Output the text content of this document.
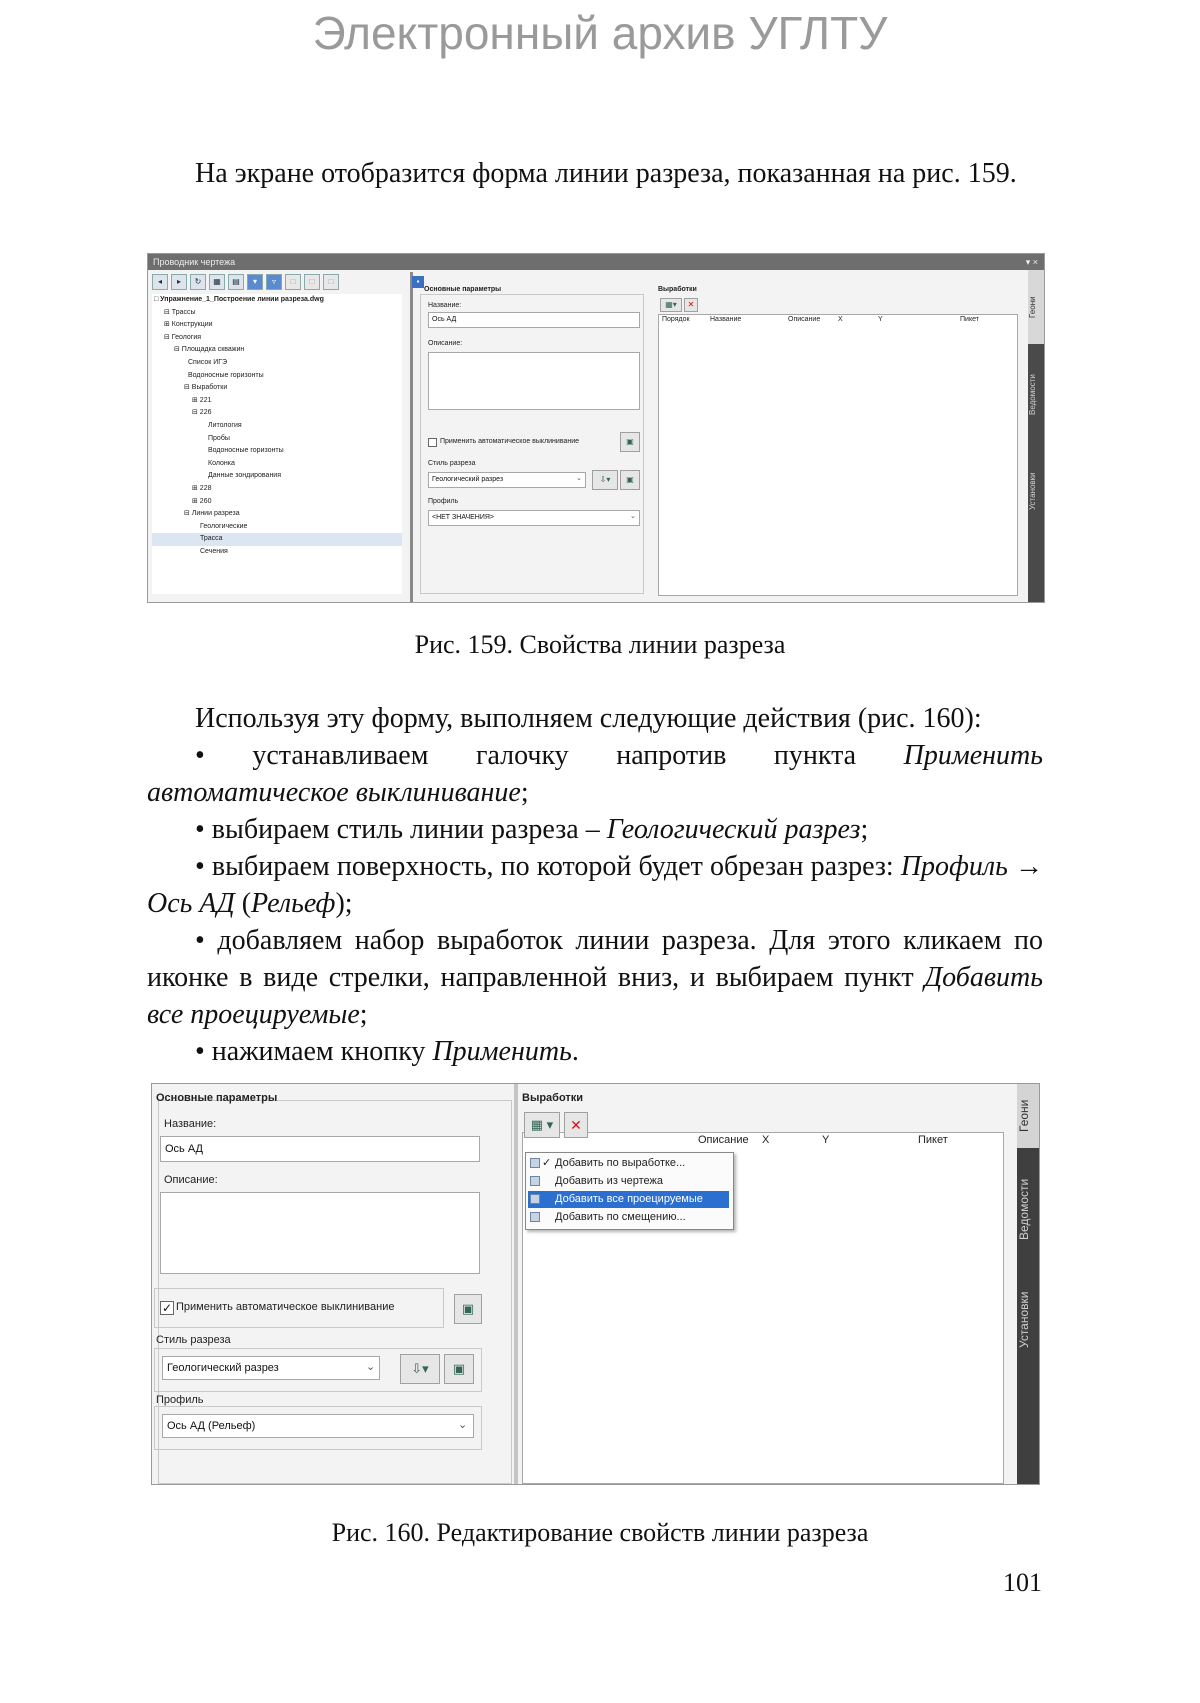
Электронный архив УГЛТУ
На экране отобразится форма линии разреза, показанная на рис. 159.
Проводник чертежа	▾ ×
◂	▸	↻	▦	▤	▾	▿	□	□	□
□ Упражнение_1_Построение линии разреза.dwg
⊟ Трассы
⊞ Конструкции
⊟ Геология
⊟ Площадка скважин
Список ИГЭ
Водоносные горизонты
⊟ Выработки
⊞ 221
⊟ 226
Литология
Пробы
Водоносные горизонты
Колонка
Данные зондирования
⊞ 228
⊞ 260
⊟ Линии разреза
Геологические
Трасса
Сечения
▪
Основные параметры
Название:
Ось АД
Описание:
Применить автоматическое выклинивание	▣
Стиль разреза
Геологический разрез	⌄	⇩▾	▣
Профиль
<НЕТ ЗНАЧЕНИЯ>	⌄
Выработки
▦▾	✕
Порядок	Название	Описание	X	Y	Пикет
Геони
Ведомости
Установки
Рис. 159. Свойства линии разреза
Используя эту форму, выполняем следующие действия (рис. 160):
• устанавливаем галочку напротив пункта Применить автоматическое выклинивание;
• выбираем стиль линии разреза – Геологический разрез;
• выбираем поверхность, по которой будет обрезан разрез: Профиль → Ось АД (Рельеф);
• добавляем набор выработок линии разреза. Для этого кликаем по иконке в виде стрелки, направленной вниз, и выбираем пункт Добавить все проецируемые;
• нажимаем кнопку Применить.
Основные параметры
Название:
Ось АД
Описание:
✓ Применить автоматическое выклинивание	▣
Стиль разреза
Геологический разрез	⌄	⇩▾	▣
Профиль
Ось АД (Рельеф)	⌄
Выработки
Описание X	Y	Пикет
▦ ▾	✕
✓ Добавить по выработке...
Добавить из чертежа
Добавить все проецируемые
Добавить по смещению...
Геони
Ведомости
Установки
Рис. 160. Редактирование свойств линии разреза
101
